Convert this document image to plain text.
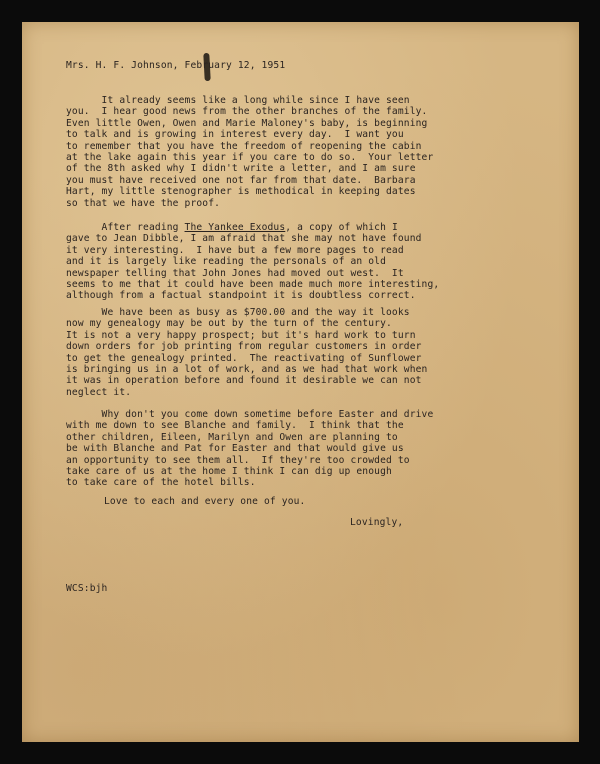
Mrs. H. F. Johnson, February 12, 1951
It already seems like a long while since I have seen
you.  I hear good news from the other branches of the family.
Even little Owen, Owen and Marie Maloney's baby, is beginning
to talk and is growing in interest every day.  I want you
to remember that you have the freedom of reopening the cabin
at the lake again this year if you care to do so.  Your letter
of the 8th asked why I didn't write a letter, and I am sure
you must have received one not far from that date.  Barbara
Hart, my little stenographer is methodical in keeping dates
so that we have the proof.
After reading The Yankee Exodus, a copy of which I
gave to Jean Dibble, I am afraid that she may not have found
it very interesting.  I have but a few more pages to read
and it is largely like reading the personals of an old
newspaper telling that John Jones had moved out west.  It
seems to me that it could have been made much more interesting,
although from a factual standpoint it is doubtless correct.
We have been as busy as $700.00 and the way it looks
now my genealogy may be out by the turn of the century.
It is not a very happy prospect; but it's hard work to turn
down orders for job printing from regular customers in order
to get the genealogy printed.  The reactivating of Sunflower
is bringing us in a lot of work, and as we had that work when
it was in operation before and found it desirable we can not
neglect it.
Why don't you come down sometime before Easter and drive
with me down to see Blanche and family.  I think that the
other children, Eileen, Marilyn and Owen are planning to
be with Blanche and Pat for Easter and that would give us
an opportunity to see them all.  If they're too crowded to
take care of us at the home I think I can dig up enough
to take care of the hotel bills.
Love to each and every one of you.
Lovingly,
WCS:bjh
